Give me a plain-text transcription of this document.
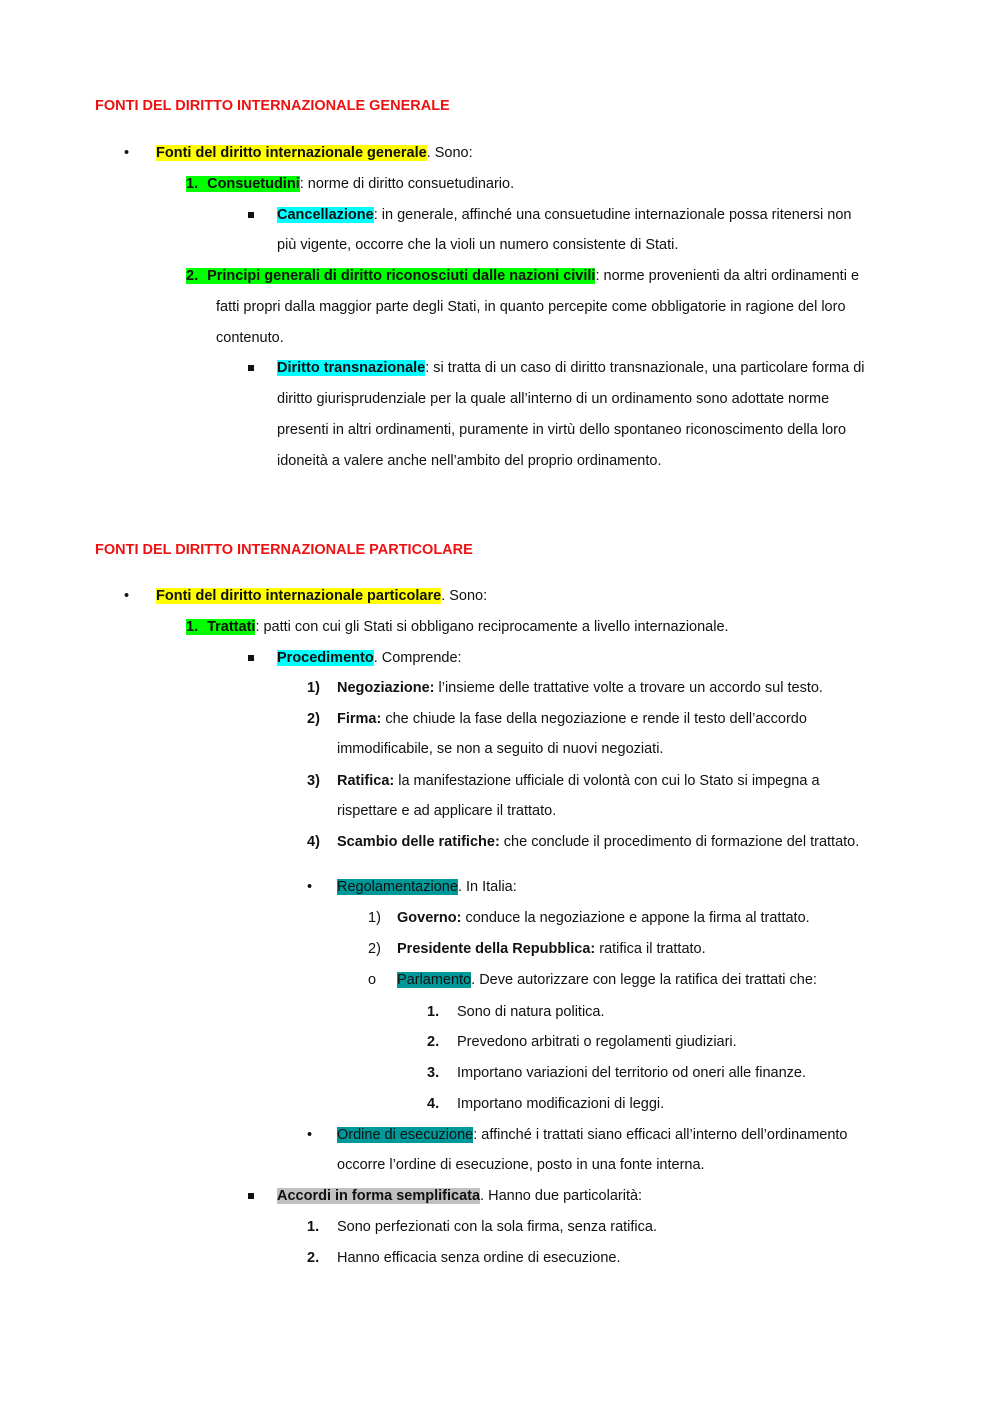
FONTI DEL DIRITTO INTERNAZIONALE GENERALE
• Fonti del diritto internazionale generale. Sono:
1. Consuetudini: norme di diritto consuetudinario.
Cancellazione: in generale, affinché una consuetudine internazionale possa ritenersi non
più vigente, occorre che la violi un numero consistente di Stati.
2. Principi generali di diritto riconosciuti dalle nazioni civili: norme provenienti da altri ordinamenti e
fatti propri dalla maggior parte degli Stati, in quanto percepite come obbligatorie in ragione del loro
contenuto.
Diritto transnazionale: si tratta di un caso di diritto transnazionale, una particolare forma di
diritto giurisprudenziale per la quale all’interno di un ordinamento sono adottate norme
presenti in altri ordinamenti, puramente in virtù dello spontaneo riconoscimento della loro
idoneità a valere anche nell’ambito del proprio ordinamento.
FONTI DEL DIRITTO INTERNAZIONALE PARTICOLARE
• Fonti del diritto internazionale particolare. Sono:
1. Trattati: patti con cui gli Stati si obbligano reciprocamente a livello internazionale.
Procedimento. Comprende:
1) Negoziazione: l’insieme delle trattative volte a trovare un accordo sul testo.
2) Firma: che chiude la fase della negoziazione e rende il testo dell’accordo
immodificabile, se non a seguito di nuovi negoziati.
3) Ratifica: la manifestazione ufficiale di volontà con cui lo Stato si impegna a
rispettare e ad applicare il trattato.
4) Scambio delle ratifiche: che conclude il procedimento di formazione del trattato.
• Regolamentazione. In Italia:
1) Governo: conduce la negoziazione e appone la firma al trattato.
2) Presidente della Repubblica: ratifica il trattato.
o Parlamento. Deve autorizzare con legge la ratifica dei trattati che:
1. Sono di natura politica.
2. Prevedono arbitrati o regolamenti giudiziari.
3. Importano variazioni del territorio od oneri alle finanze.
4. Importano modificazioni di leggi.
• Ordine di esecuzione: affinché i trattati siano efficaci all’interno dell’ordinamento
occorre l’ordine di esecuzione, posto in una fonte interna.
Accordi in forma semplificata. Hanno due particolarità:
1. Sono perfezionati con la sola firma, senza ratifica.
2. Hanno efficacia senza ordine di esecuzione.
